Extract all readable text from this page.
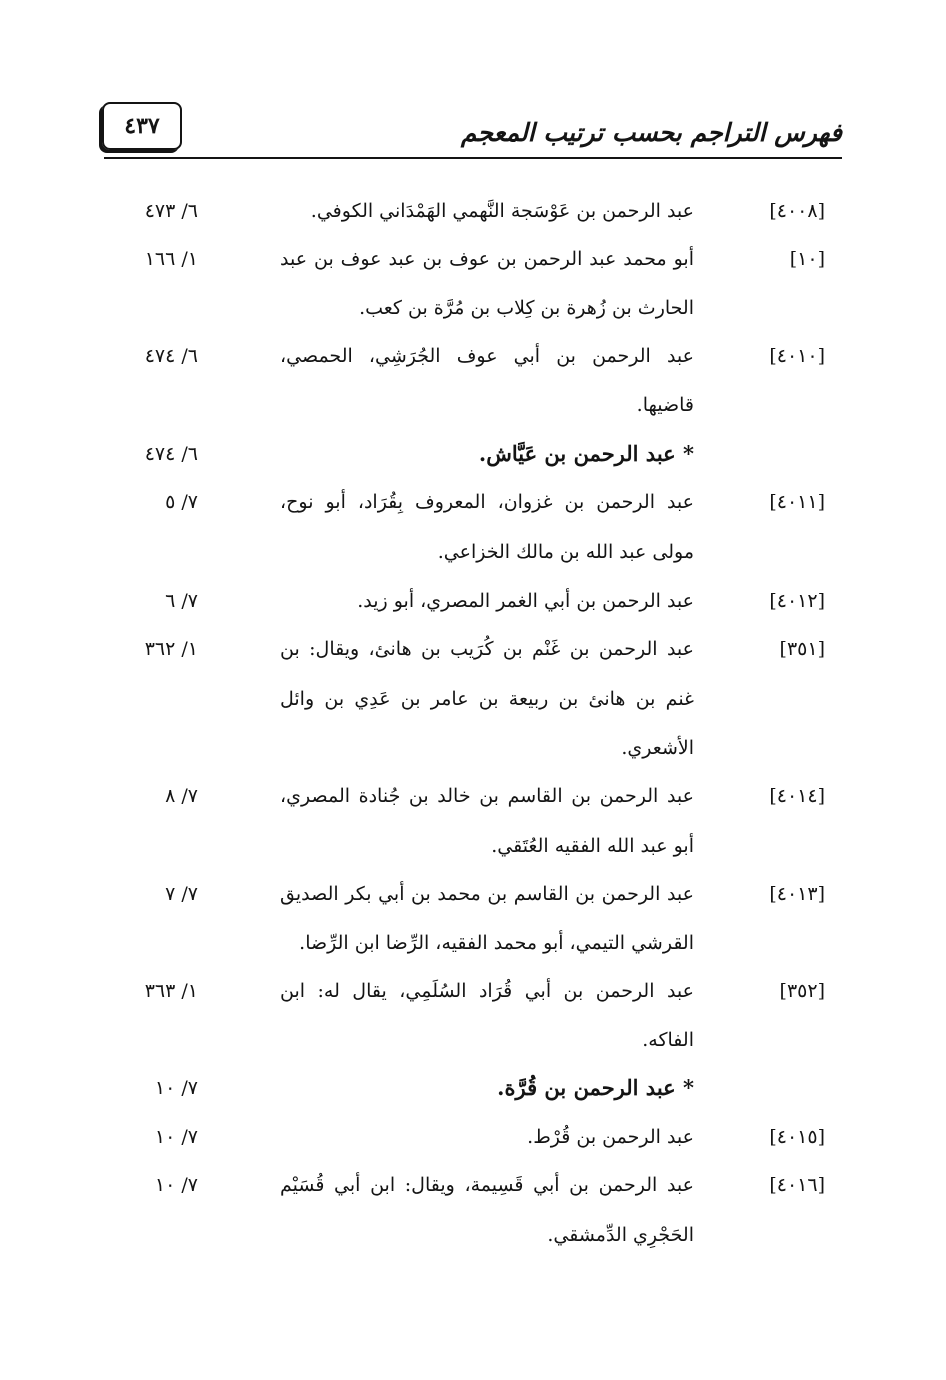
٤٣٧	فهرس التراجم بحسب ترتيب المعجم
[٤٠٠٨]
عبد الرحمن بن عَوْسَجة النَّهمي الهَمْدَاني الكوفي.
٦/ ٤٧٣
[١٠]
أبو محمد عبد الرحمن بن عوف بن عبد عوف بن عبد
الحارث بن زُهرة بن كِلاب بن مُرَّة بن كعب.
١/ ١٦٦
[٤٠١٠]
عبد الرحمن بن أبي عوف الجُرَشِي، الحمصي،
قاضيها.
٦/ ٤٧٤
* عبد الرحمن بن عَيَّاش.
٦/ ٤٧٤
[٤٠١١]
عبد الرحمن بن غزوان، المعروف بِقُرَاد، أبو نوح،
مولى عبد الله بن مالك الخزاعي.
٧/ ٥
[٤٠١٢]
عبد الرحمن بن أبي الغمر المصري، أبو زيد.
٧/ ٦
[٣٥١]
عبد الرحمن بن غَنْم بن كُرَيب بن هانئ، ويقال: بن
غنم بن هانئ بن ربيعة بن عامر بن عَدِي بن وائل
الأشعري.
١/ ٣٦٢
[٤٠١٤]
عبد الرحمن بن القاسم بن خالد بن جُنادة المصري،
أبو عبد الله الفقيه العُتَقي.
٧/ ٨
[٤٠١٣]
عبد الرحمن بن القاسم بن محمد بن أبي بكر الصديق
القرشي التيمي، أبو محمد الفقيه، الرِّضا ابن الرِّضا.
٧/ ٧
[٣٥٢]
عبد الرحمن بن أبي قُرَاد السُلَمِي، يقال له: ابن
الفاكه.
١/ ٣٦٣
* عبد الرحمن بن قُرَّة.
٧/ ١٠
[٤٠١٥]
عبد الرحمن بن قُرْط.
٧/ ١٠
[٤٠١٦]
عبد الرحمن بن أبي قَسِيمة، ويقال: ابن أبي قُسَيْم
الحَجْرِي الدِّمشقي.
٧/ ١٠
